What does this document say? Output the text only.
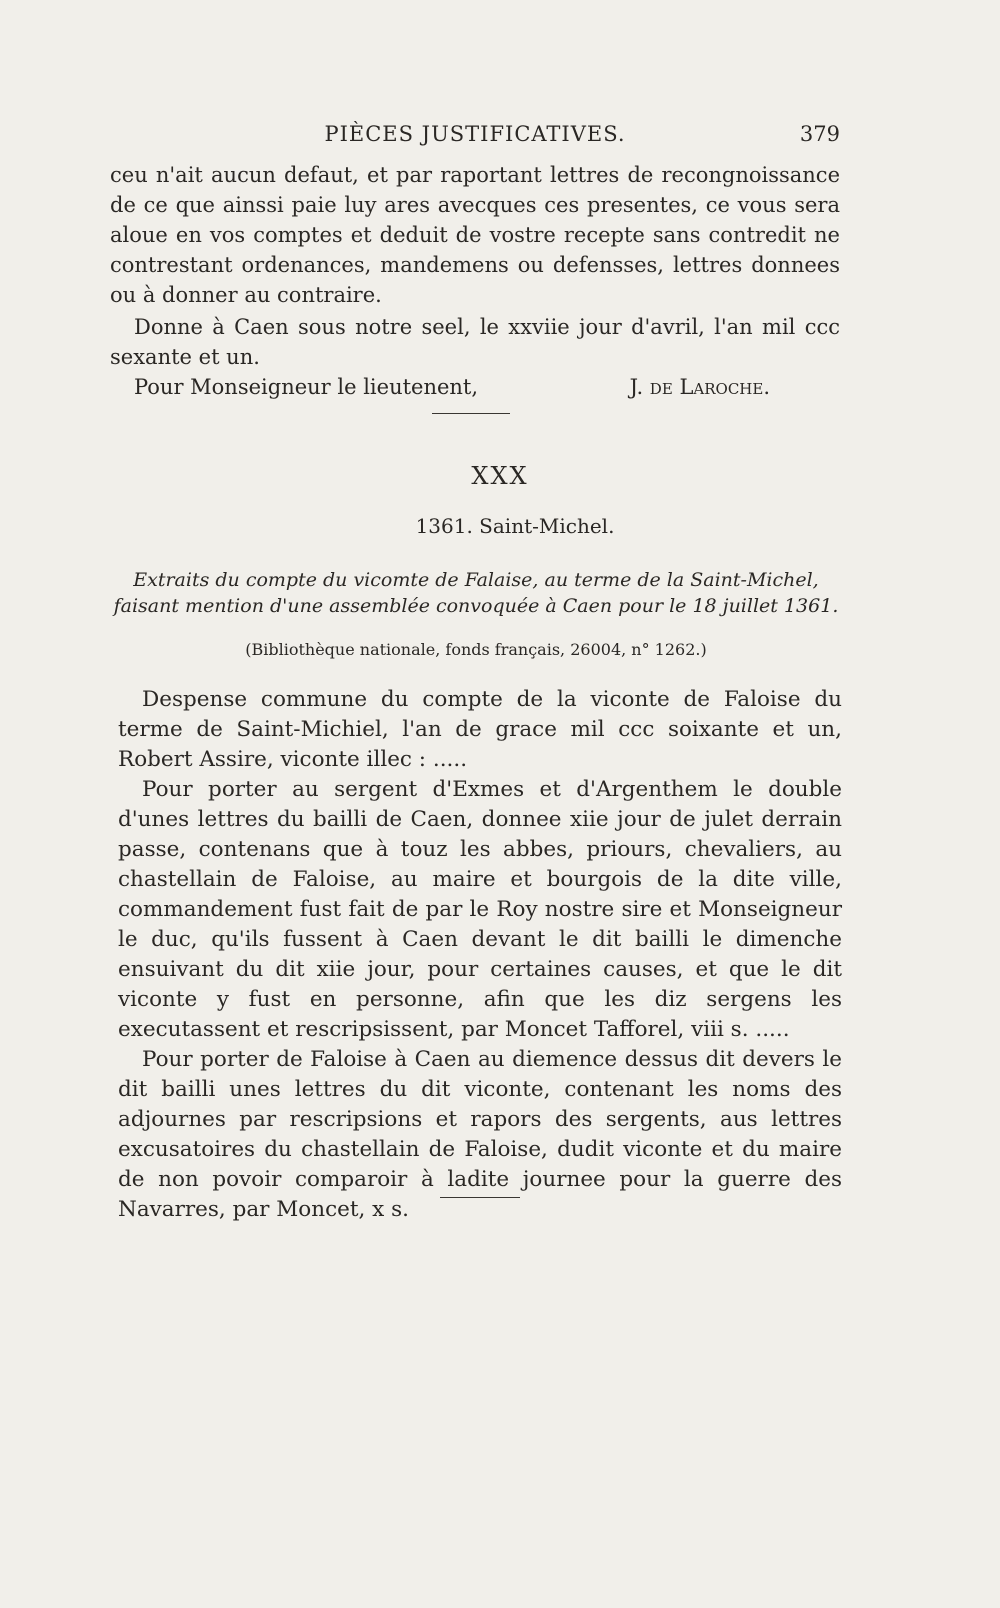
PIÈCES JUSTIFICATIVES.	379

ceu n'ait aucun defaut, et par raportant lettres de recongnoissance de ce que ainssi paie luy ares avecques ces presentes, ce vous sera aloue en vos comptes et deduit de vostre recepte sans contredit ne contrestant ordenances, mandemens ou defensses, lettres donnees ou à donner au contraire.

Donne à Caen sous notre seel, le xxviie jour d'avril, l'an mil ccc sexante et un.

Pour Monseigneur le lieutenent,	J. de Laroche.
XXX
1361. Saint-Michel.
Extraits du compte du vicomte de Falaise, au terme de la Saint-Michel, faisant mention d'une assemblée convoquée à Caen pour le 18 juillet 1361.
(Bibliothèque nationale, fonds français, 26004, n° 1262.)

Despense commune du compte de la viconte de Faloise du terme de Saint-Michiel, l'an de grace mil ccc soixante et un, Robert Assire, viconte illec : .....

Pour porter au sergent d'Exmes et d'Argenthem le double d'unes lettres du bailli de Caen, donnee xiie jour de julet derrain passe, contenans que à touz les abbes, priours, chevaliers, au chastellain de Faloise, au maire et bourgois de la dite ville, commandement fust fait de par le Roy nostre sire et Monseigneur le duc, qu'ils fussent à Caen devant le dit bailli le dimenche ensuivant du dit xiie jour, pour certaines causes, et que le dit viconte y fust en personne, afin que les diz sergens les executassent et rescripsissent, par Moncet Tafforel, viii s. .....

Pour porter de Faloise à Caen au diemence dessus dit devers le dit bailli unes lettres du dit viconte, contenant les noms des adjournes par rescripsions et rapors des sergents, aus lettres excusatoires du chastellain de Faloise, dudit viconte et du maire de non povoir comparoir à ladite journee pour la guerre des Navarres, par Moncet, x s.
